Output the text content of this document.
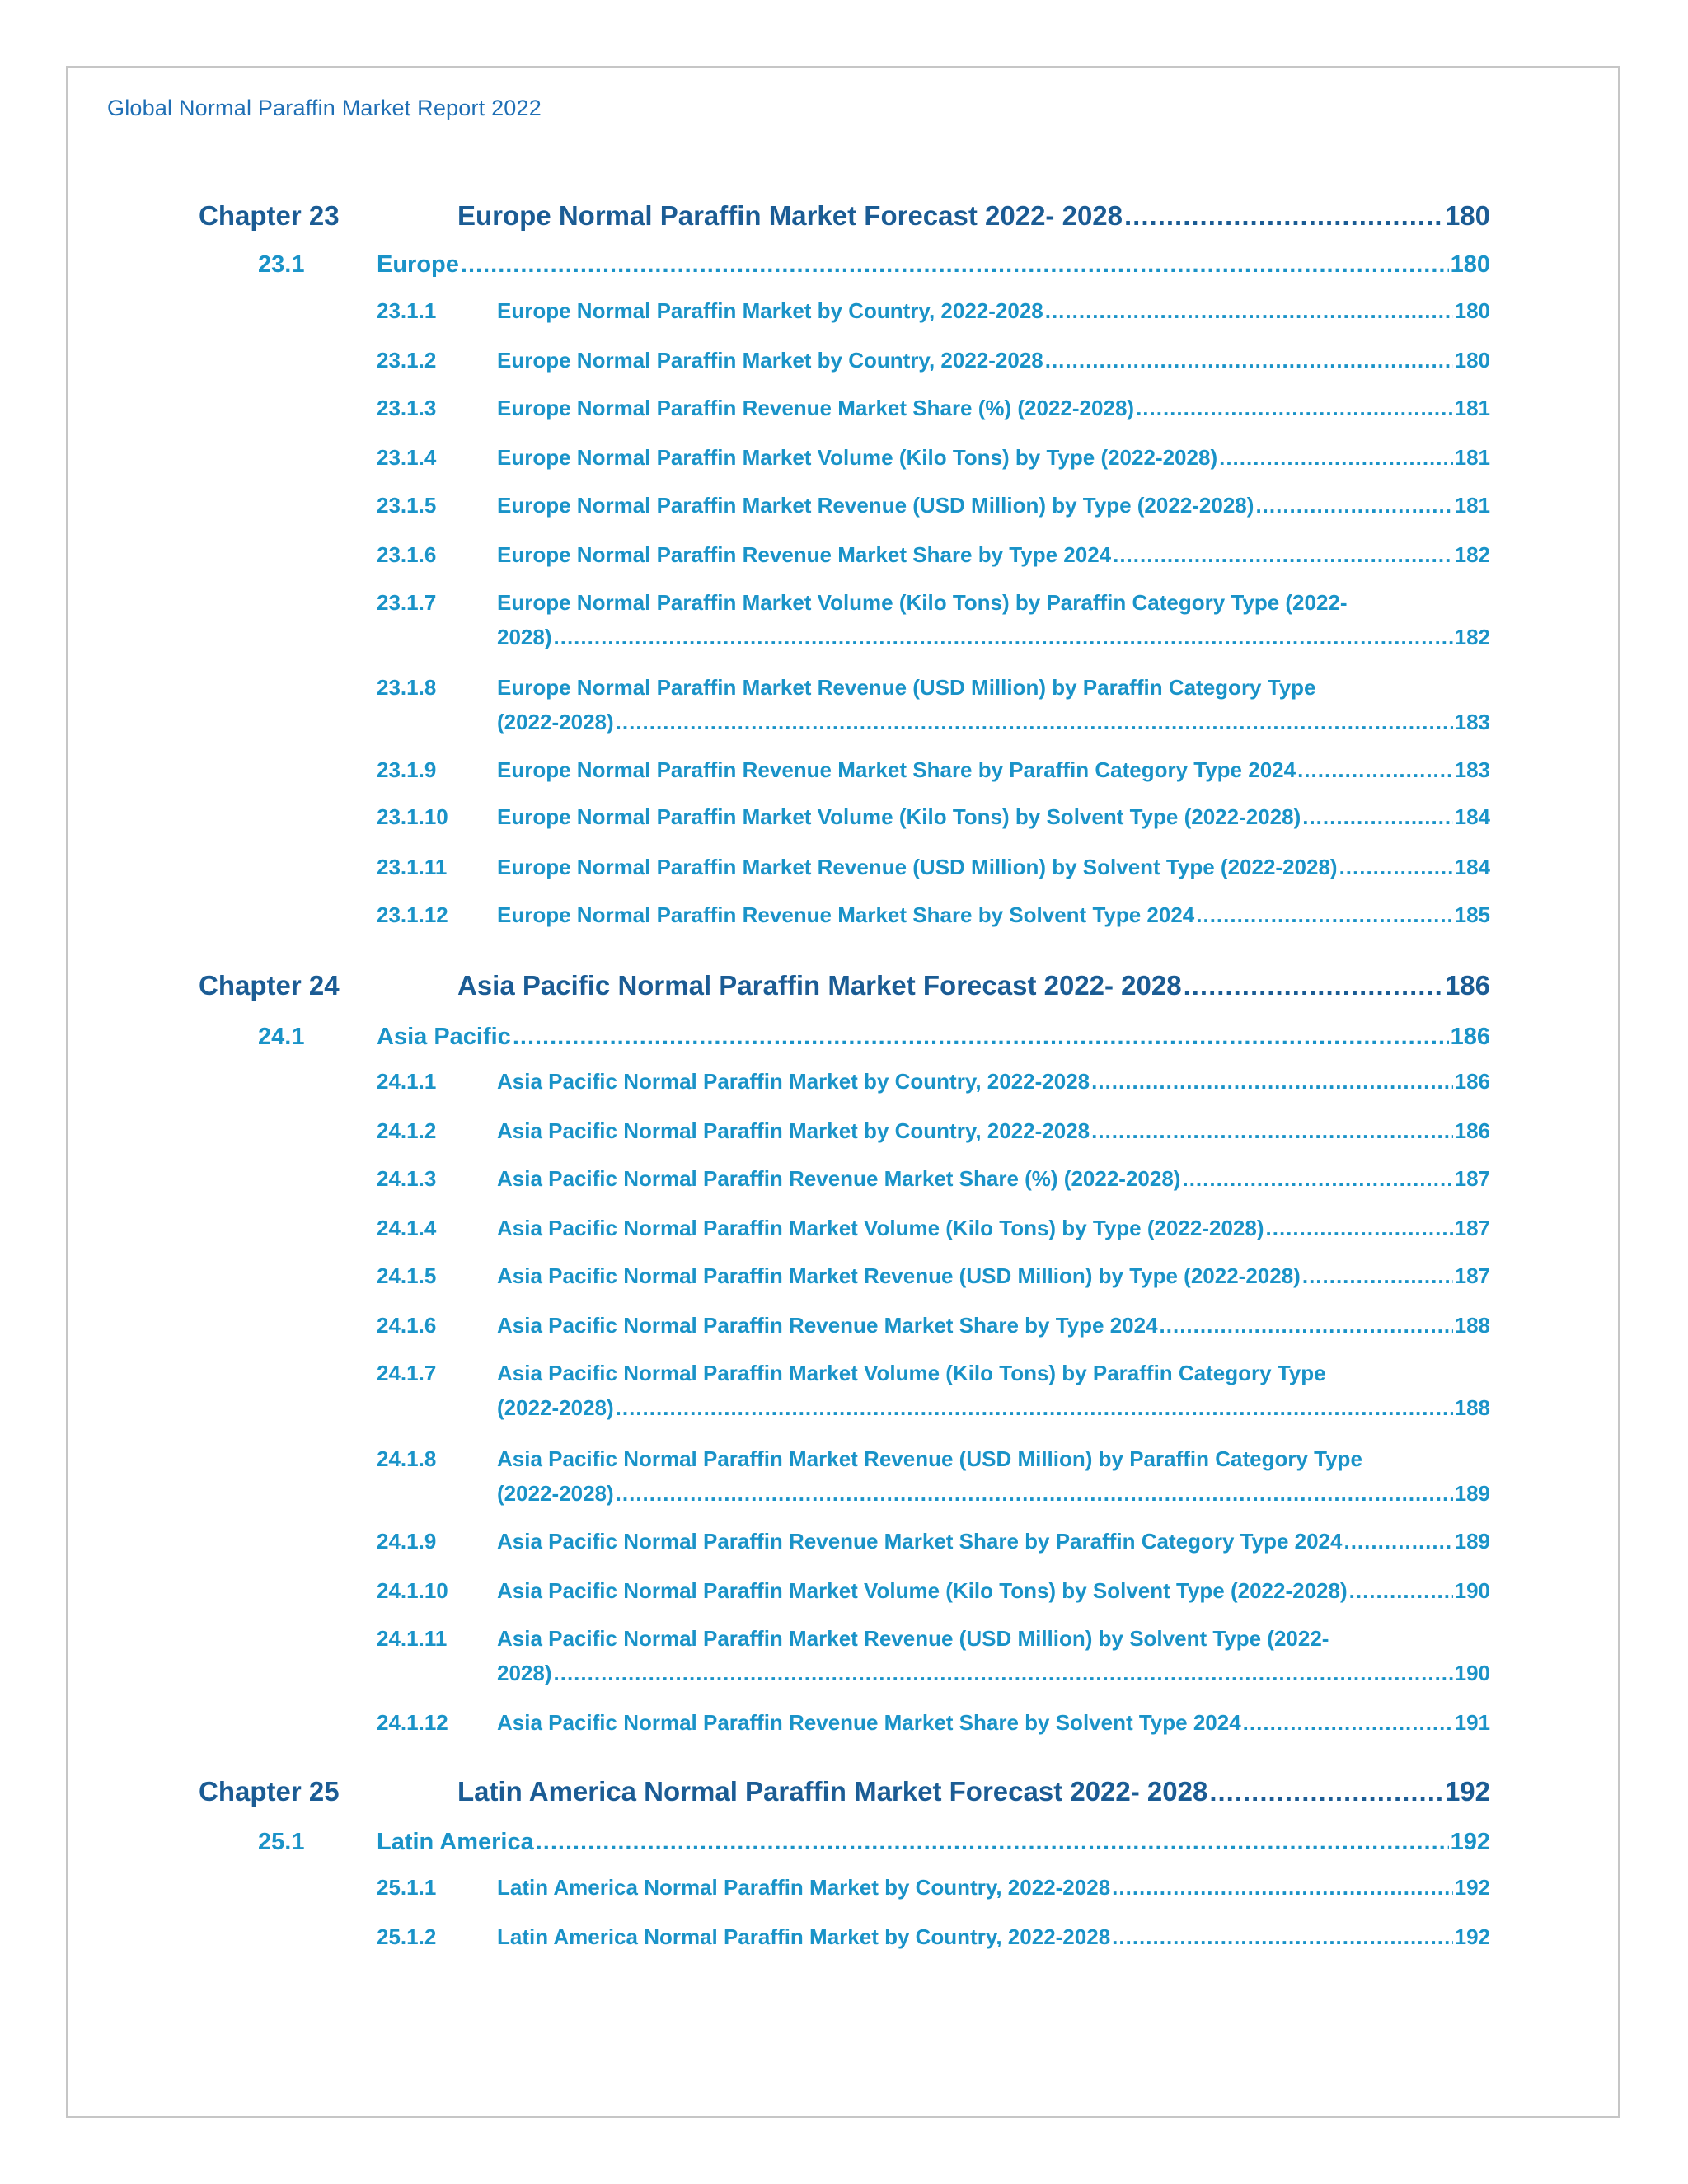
Global Normal Paraffin Market Report 2022
Chapter 23	Europe Normal Paraffin Market Forecast 2022- 2028 .....	180
23.1	Europe .....	180
23.1.1	Europe Normal Paraffin Market by Country, 2022-2028 .....	180
23.1.2	Europe Normal Paraffin Market by Country, 2022-2028 .....	180
23.1.3	Europe Normal Paraffin Revenue Market Share (%) (2022-2028) .....	181
23.1.4	Europe Normal Paraffin Market Volume (Kilo Tons) by Type (2022-2028) .....	181
23.1.5	Europe Normal Paraffin Market Revenue (USD Million) by Type (2022-2028) .....	181
23.1.6	Europe Normal Paraffin Revenue Market Share by Type 2024 .....	182
23.1.7	Europe Normal Paraffin Market Volume (Kilo Tons) by Paraffin Category Type (2022-
2028) .....	182
23.1.8	Europe Normal Paraffin Market Revenue (USD Million) by Paraffin Category Type
(2022-2028) .....	183
23.1.9	Europe Normal Paraffin Revenue Market Share by Paraffin Category Type 2024 .....	183
23.1.10 Europe Normal Paraffin Market Volume (Kilo Tons) by Solvent Type (2022-2028) .....	184
23.1.11 Europe Normal Paraffin Market Revenue (USD Million) by Solvent Type (2022-2028) .....	184
23.1.12 Europe Normal Paraffin Revenue Market Share by Solvent Type 2024 .....	185
Chapter 24	Asia Pacific Normal Paraffin Market Forecast 2022- 2028 .....	186
24.1	Asia Pacific .....	186
24.1.1	Asia Pacific Normal Paraffin Market by Country, 2022-2028 .....	186
24.1.2	Asia Pacific Normal Paraffin Market by Country, 2022-2028 .....	186
24.1.3	Asia Pacific Normal Paraffin Revenue Market Share (%) (2022-2028) .....	187
24.1.4	Asia Pacific Normal Paraffin Market Volume (Kilo Tons) by Type (2022-2028) .....	187
24.1.5	Asia Pacific Normal Paraffin Market Revenue (USD Million) by Type (2022-2028) .....	187
24.1.6	Asia Pacific Normal Paraffin Revenue Market Share by Type 2024 .....	188
24.1.7	Asia Pacific Normal Paraffin Market Volume (Kilo Tons) by Paraffin Category Type
(2022-2028) .....	188
24.1.8	Asia Pacific Normal Paraffin Market Revenue (USD Million) by Paraffin Category Type
(2022-2028) .....	189
24.1.9	Asia Pacific Normal Paraffin Revenue Market Share by Paraffin Category Type 2024 .....	189
24.1.10 Asia Pacific Normal Paraffin Market Volume (Kilo Tons) by Solvent Type (2022-2028) .....	190
24.1.11 Asia Pacific Normal Paraffin Market Revenue (USD Million) by Solvent Type (2022-
2028) .....	190
24.1.12 Asia Pacific Normal Paraffin Revenue Market Share by Solvent Type 2024 .....	191
Chapter 25	Latin America Normal Paraffin Market Forecast 2022- 2028 .....	192
25.1	Latin America .....	192
25.1.1	Latin America Normal Paraffin Market by Country, 2022-2028 .....	192
25.1.2	Latin America Normal Paraffin Market by Country, 2022-2028 .....	192
